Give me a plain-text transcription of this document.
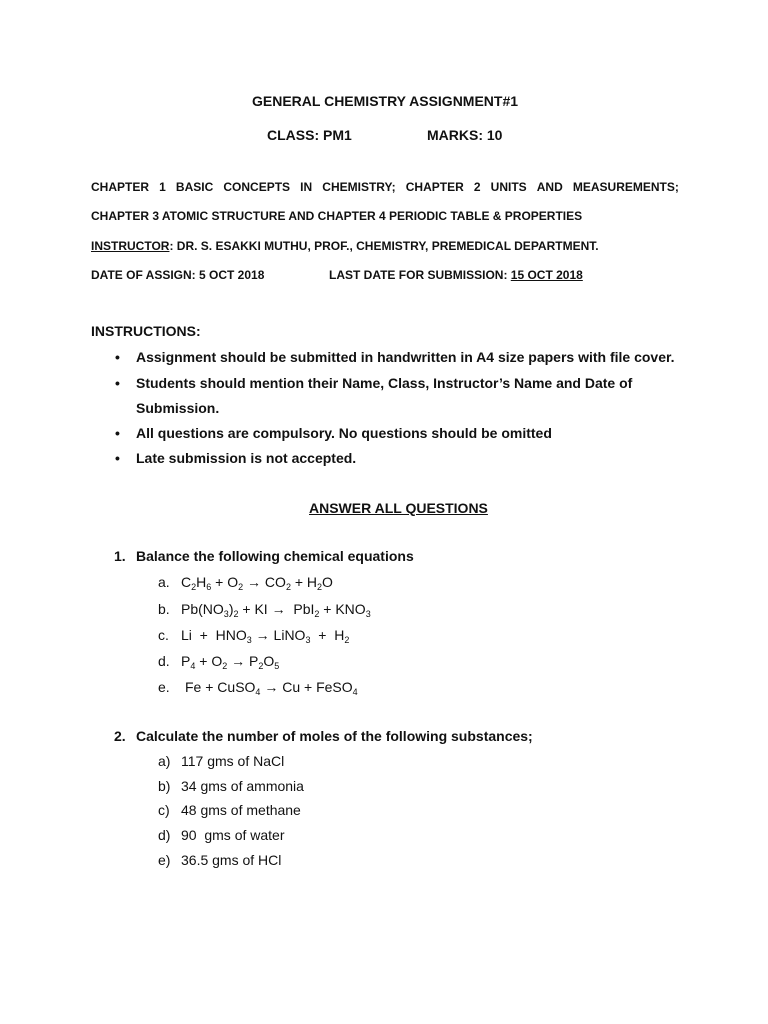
GENERAL CHEMISTRY ASSIGNMENT#1
CLASS: PM1	MARKS: 10
CHAPTER 1 BASIC CONCEPTS IN CHEMISTRY; CHAPTER 2 UNITS AND MEASUREMENTS;
CHAPTER 3 ATOMIC STRUCTURE AND CHAPTER 4 PERIODIC TABLE & PROPERTIES
INSTRUCTOR: DR. S. ESAKKI MUTHU, PROF., CHEMISTRY, PREMEDICAL DEPARTMENT.
DATE OF ASSIGN: 5 OCT 2018	LAST DATE FOR SUBMISSION: 15 OCT 2018
INSTRUCTIONS:
• Assignment should be submitted in handwritten in A4 size papers with file cover.
• Students should mention their Name, Class, Instructor’s Name and Date of
Submission.
• All questions are compulsory. No questions should be omitted
• Late submission is not accepted.
ANSWER ALL QUESTIONS
1. Balance the following chemical equations
a. $C_2H_6 + O_2 \to CO_2 + H_2O$
b. $Pb(NO_3)_2$ + KI →  $PbI_2 + KNO_3$
c. $Li + HNO_3$ → LiNO$_3$  +  $H_2$
d. $P_4 + O_2 \to P_2O_5$
e. Fe + CuSO$_4$ → Cu + FeSO$_4$
2. Calculate the number of moles of the following substances;
a) 117 gms of NaCl
b) 34 gms of ammonia
c) 48 gms of methane
d) 90  gms of water
e) 36.5 gms of HCl
